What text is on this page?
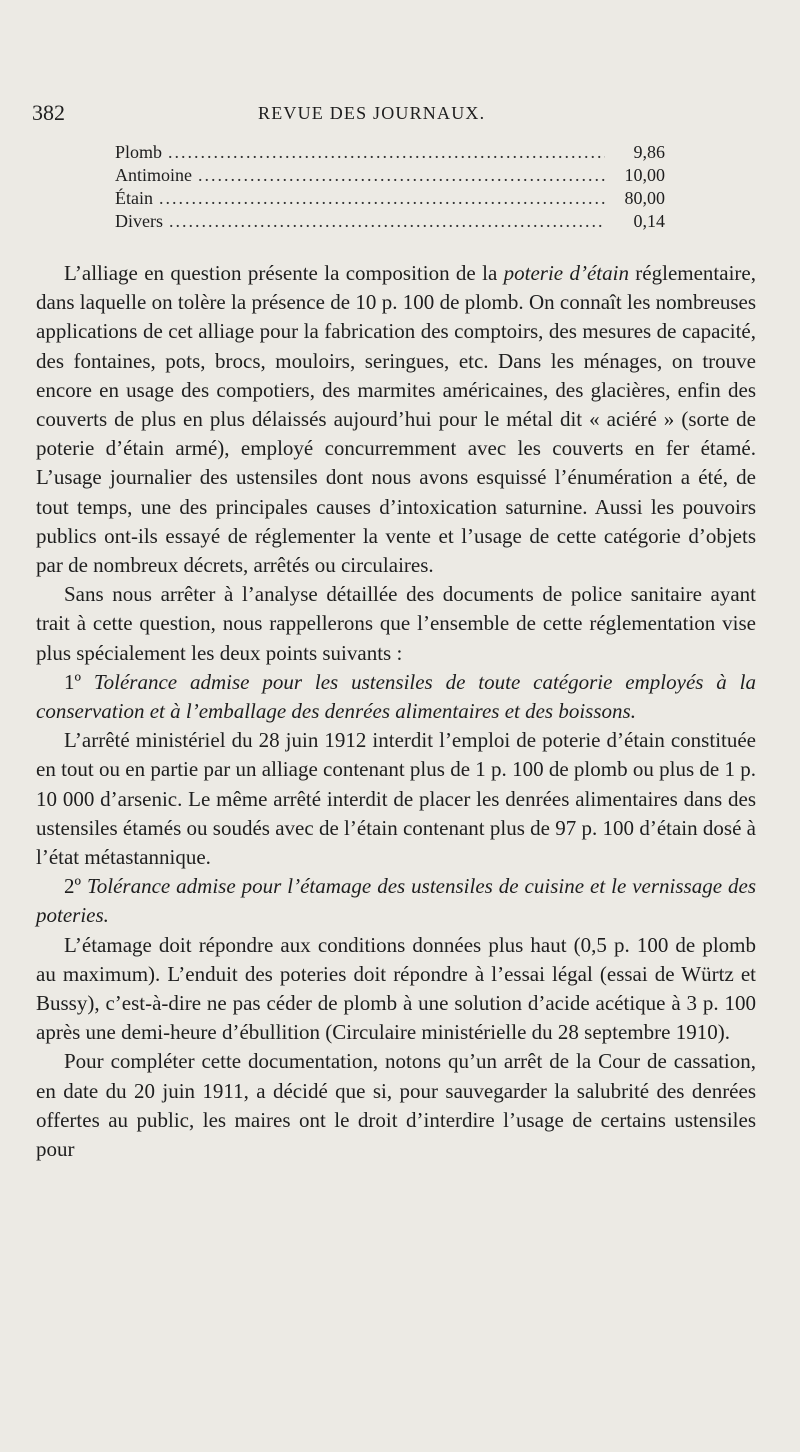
382	REVUE DES JOURNAUX.
Plomb .....	9,86
Antimoine .....	10,00
Étain .....	80,00
Divers .....	0,14

L’alliage en question présente la composition de la poterie d’étain réglementaire, dans laquelle on tolère la présence de 10 p. 100 de plomb. On connaît les nombreuses applications de cet alliage pour la fabrication des comptoirs, des mesures de capacité, des fontaines, pots, brocs, mouloirs, seringues, etc. Dans les ménages, on trouve encore en usage des compotiers, des marmites américaines, des glacières, enfin des couverts de plus en plus délaissés aujourd’hui pour le métal dit « aciéré » (sorte de poterie d’étain armé), employé concurremment avec les couverts en fer étamé. L’usage journalier des ustensiles dont nous avons esquissé l’énumération a été, de tout temps, une des principales causes d’intoxication saturnine. Aussi les pouvoirs publics ont-ils essayé de réglementer la vente et l’usage de cette catégorie d’objets par de nombreux décrets, arrêtés ou circulaires.

Sans nous arrêter à l’analyse détaillée des documents de police sanitaire ayant trait à cette question, nous rappellerons que l’ensemble de cette réglementation vise plus spécialement les deux points suivants :

1º Tolérance admise pour les ustensiles de toute catégorie employés à la conservation et à l’emballage des denrées alimentaires et des boissons.

L’arrêté ministériel du 28 juin 1912 interdit l’emploi de poterie d’étain constituée en tout ou en partie par un alliage contenant plus de 1 p. 100 de plomb ou plus de 1 p. 10 000 d’arsenic. Le même arrêté interdit de placer les denrées alimentaires dans des ustensiles étamés ou soudés avec de l’étain contenant plus de 97 p. 100 d’étain dosé à l’état métastannique.

2º Tolérance admise pour l’étamage des ustensiles de cuisine et le vernissage des poteries.

L’étamage doit répondre aux conditions données plus haut (0,5 p. 100 de plomb au maximum). L’enduit des poteries doit répondre à l’essai légal (essai de Würtz et Bussy), c’est-à-dire ne pas céder de plomb à une solution d’acide acétique à 3 p. 100 après une demi-heure d’ébullition (Circulaire ministérielle du 28 septembre 1910).

Pour compléter cette documentation, notons qu’un arrêt de la Cour de cassation, en date du 20 juin 1911, a décidé que si, pour sauvegarder la salubrité des denrées offertes au public, les maires ont le droit d’interdire l’usage de certains ustensiles pour
